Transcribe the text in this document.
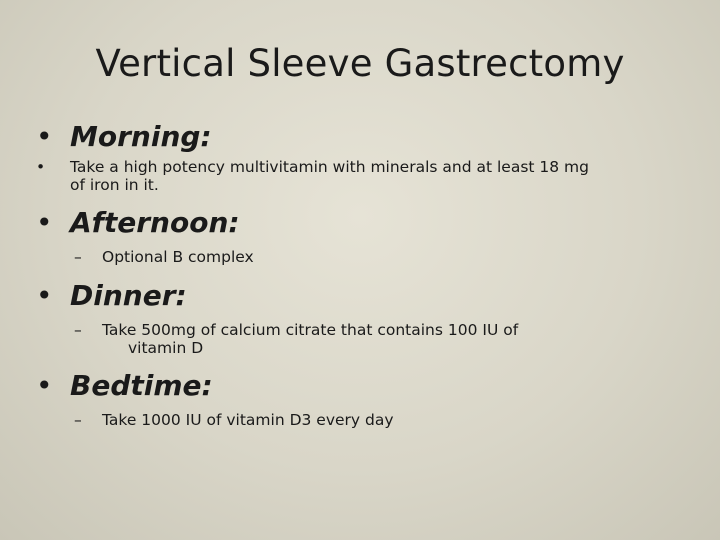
Vertical Sleeve Gastrectomy
• Morning:
• Take a high potency multivitamin with minerals and at least 18 mg
of iron in it.
• Afternoon:
– Optional B complex
• Dinner:
– Take 500mg of calcium citrate that contains 100 IU of
vitamin D
• Bedtime:
– Take 1000 IU of vitamin D3 every day
